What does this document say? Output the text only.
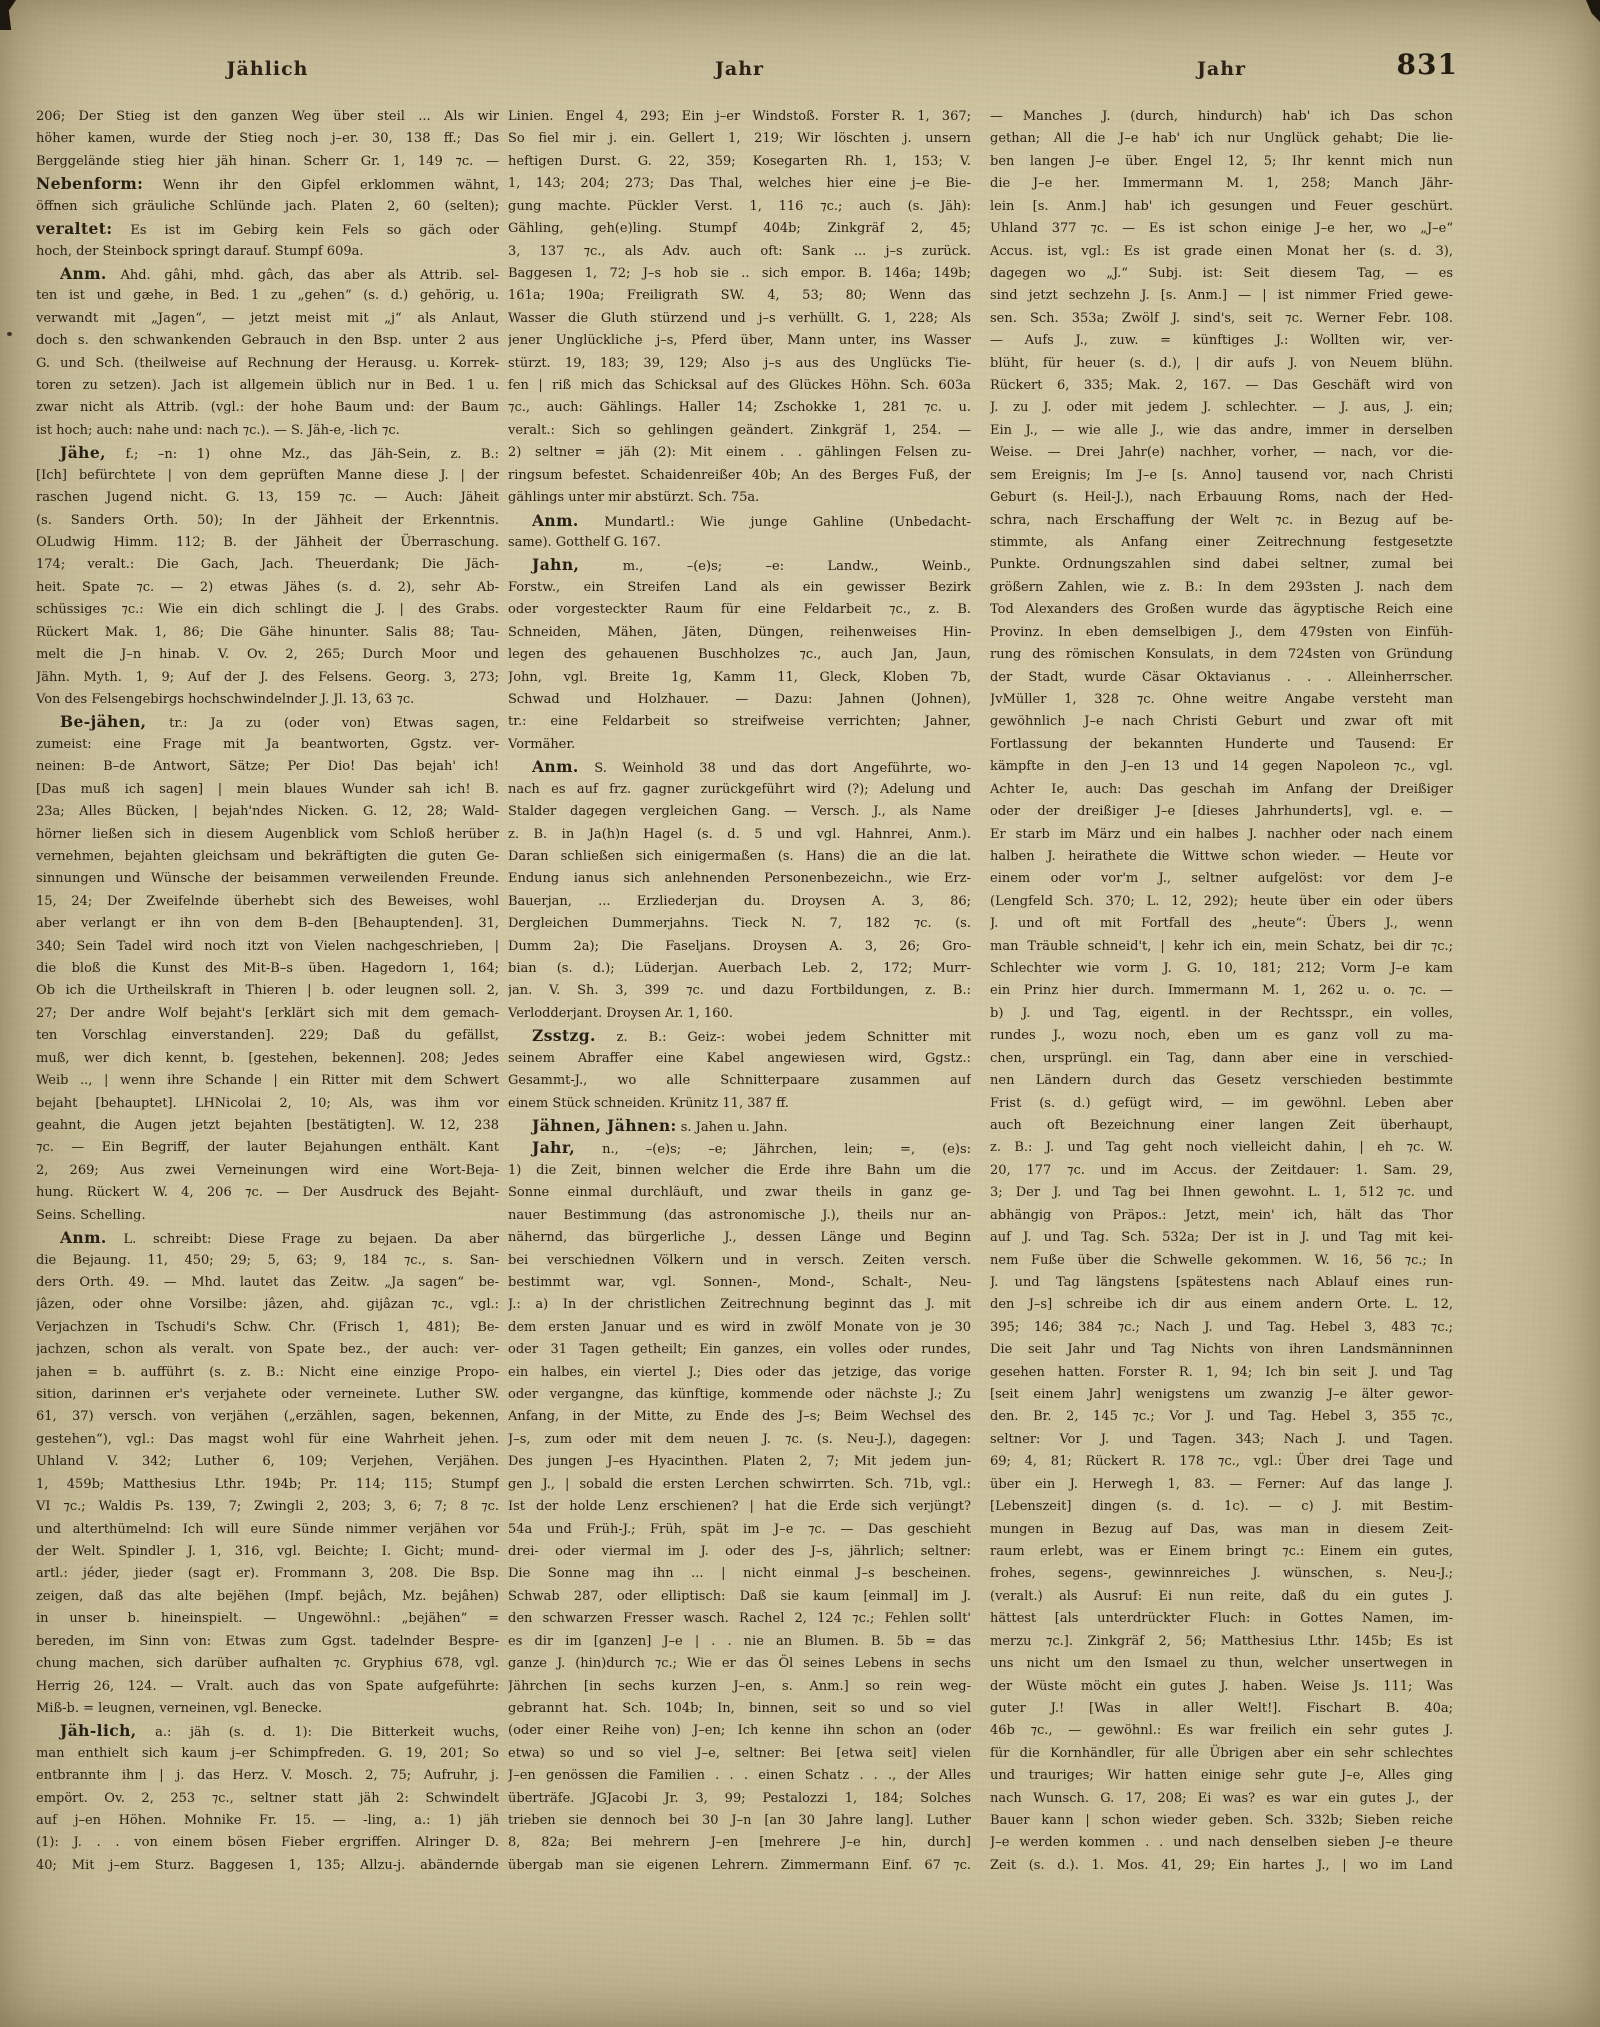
Jählich	Jahr	Jahr	831
206; Der Stieg ist den ganzen Weg über steil ... Als wir
höher kamen, wurde der Stieg noch j–er. 30, 138 ff.; Das
Berggelände stieg hier jäh hinan. Scherr Gr. 1, 149 ⁊c. —
Nebenform: Wenn ihr den Gipfel erklommen wähnt,
öffnen sich gräuliche Schlünde jach. Platen 2, 60 (selten);
veraltet: Es ist im Gebirg kein Fels so gäch oder
hoch, der Steinbock springt darauf. Stumpf 609a.
Anm. Ahd. gâhi, mhd. gâch, das aber als Attrib. sel-
ten ist und gæhe, in Bed. 1 zu „gehen“ (s. d.) gehörig, u.
verwandt mit „Jagen“, — jetzt meist mit „j“ als Anlaut,
doch s. den schwankenden Gebrauch in den Bsp. unter 2 aus
G. und Sch. (theilweise auf Rechnung der Herausg. u. Korrek-
toren zu setzen). Jach ist allgemein üblich nur in Bed. 1 u.
zwar nicht als Attrib. (vgl.: der hohe Baum und: der Baum
ist hoch; auch: nahe und: nach ⁊c.). — S. Jäh-e, -lich ⁊c.
Jähe, f.; –n: 1) ohne Mz., das Jäh-Sein, z. B.:
[Ich] befürchtete | von dem geprüften Manne diese J. | der
raschen Jugend nicht. G. 13, 159 ⁊c. — Auch: Jäheit
(s. Sanders Orth. 50); In der Jähheit der Erkenntnis.
OLudwig Himm. 112; B. der Jähheit der Überraschung.
174; veralt.: Die Gach, Jach. Theuerdank; Die Jäch-
heit. Spate ⁊c. — 2) etwas Jähes (s. d. 2), sehr Ab-
schüssiges ⁊c.: Wie ein dich schlingt die J. | des Grabs.
Rückert Mak. 1, 86; Die Gähe hinunter. Salis 88; Tau-
melt die J–n hinab. V. Ov. 2, 265; Durch Moor und
Jähn. Myth. 1, 9; Auf der J. des Felsens. Georg. 3, 273;
Von des Felsengebirgs hochschwindelnder J. Jl. 13, 63 ⁊c.
Be-jähen, tr.: Ja zu (oder von) Etwas sagen,
zumeist: eine Frage mit Ja beantworten, Ggstz. ver-
neinen: B–de Antwort, Sätze; Per Dio! Das bejah' ich!
[Das muß ich sagen] | mein blaues Wunder sah ich! B.
23a; Alles Bücken, | bejah'ndes Nicken. G. 12, 28; Wald-
hörner ließen sich in diesem Augenblick vom Schloß herüber
vernehmen, bejahten gleichsam und bekräftigten die guten Ge-
sinnungen und Wünsche der beisammen verweilenden Freunde.
15, 24; Der Zweifelnde überhebt sich des Beweises, wohl
aber verlangt er ihn von dem B–den [Behauptenden]. 31,
340; Sein Tadel wird noch itzt von Vielen nachgeschrieben, |
die bloß die Kunst des Mit-B–s üben. Hagedorn 1, 164;
Ob ich die Urtheilskraft in Thieren | b. oder leugnen soll. 2,
27; Der andre Wolf bejaht's [erklärt sich mit dem gemach-
ten Vorschlag einverstanden]. 229; Daß du gefällst,
muß, wer dich kennt, b. [gestehen, bekennen]. 208; Jedes
Weib .., | wenn ihre Schande | ein Ritter mit dem Schwert
bejaht [behauptet]. LHNicolai 2, 10; Als, was ihm vor
geahnt, die Augen jetzt bejahten [bestätigten]. W. 12, 238
⁊c. — Ein Begriff, der lauter Bejahungen enthält. Kant
2, 269; Aus zwei Verneinungen wird eine Wort-Beja-
hung. Rückert W. 4, 206 ⁊c. — Der Ausdruck des Bejaht-
Seins. Schelling.
Anm. L. schreibt: Diese Frage zu bejaen. Da aber
die Bejaung. 11, 450; 29; 5, 63; 9, 184 ⁊c., s. San-
ders Orth. 49. — Mhd. lautet das Zeitw. „Ja sagen“ be-
jâzen, oder ohne Vorsilbe: jâzen, ahd. gijâzan ⁊c., vgl.:
Verjachzen in Tschudi's Schw. Chr. (Frisch 1, 481); Be-
jachzen, schon als veralt. von Spate bez., der auch: ver-
jahen = b. aufführt (s. z. B.: Nicht eine einzige Propo-
sition, darinnen er's verjahete oder verneinete. Luther SW.
61, 37) versch. von verjähen („erzählen, sagen, bekennen,
gestehen“), vgl.: Das magst wohl für eine Wahrheit jehen.
Uhland V. 342; Luther 6, 109; Verjehen, Verjähen.
1, 459b; Matthesius Lthr. 194b; Pr. 114; 115; Stumpf
VI ⁊c.; Waldis Ps. 139, 7; Zwingli 2, 203; 3, 6; 7; 8 ⁊c.
und alterthümelnd: Ich will eure Sünde nimmer verjähen vor
der Welt. Spindler J. 1, 316, vgl. Beichte; I. Gicht; mund-
artl.: jéder, jieder (sagt er). Frommann 3, 208. Die Bsp.
zeigen, daß das alte bejëhen (Impf. bejâch, Mz. bejâhen)
in unser b. hineinspielt. — Ungewöhnl.: „bejähen“ =
bereden, im Sinn von: Etwas zum Ggst. tadelnder Bespre-
chung machen, sich darüber aufhalten ⁊c. Gryphius 678, vgl.
Herrig 26, 124. — Vralt. auch das von Spate aufgeführte:
Miß-b. = leugnen, verneinen, vgl. Benecke.
Jäh-lich, a.: jäh (s. d. 1): Die Bitterkeit wuchs,
man enthielt sich kaum j–er Schimpfreden. G. 19, 201; So
entbrannte ihm | j. das Herz. V. Mosch. 2, 75; Aufruhr, j.
empört. Ov. 2, 253 ⁊c., seltner statt jäh 2: Schwindelt
auf j–en Höhen. Mohnike Fr. 15. — -ling, a.: 1) jäh
(1): J. . . von einem bösen Fieber ergriffen. Alringer D.
40; Mit j–em Sturz. Baggesen 1, 135; Allzu-j. abändernde
Linien. Engel 4, 293; Ein j–er Windstoß. Forster R. 1, 367;
So fiel mir j. ein. Gellert 1, 219; Wir löschten j. unsern
heftigen Durst. G. 22, 359; Kosegarten Rh. 1, 153; V.
1, 143; 204; 273; Das Thal, welches hier eine j–e Bie-
gung machte. Pückler Verst. 1, 116 ⁊c.; auch (s. Jäh):
Gähling, geh(e)ling. Stumpf 404b; Zinkgräf 2, 45;
3, 137 ⁊c., als Adv. auch oft: Sank ... j–s zurück.
Baggesen 1, 72; J–s hob sie .. sich empor. B. 146a; 149b;
161a; 190a; Freiligrath SW. 4, 53; 80; Wenn das
Wasser die Gluth stürzend und j–s verhüllt. G. 1, 228; Als
jener Unglückliche j–s, Pferd über, Mann unter, ins Wasser
stürzt. 19, 183; 39, 129; Also j–s aus des Unglücks Tie-
fen | riß mich das Schicksal auf des Glückes Höhn. Sch. 603a
⁊c., auch: Gählings. Haller 14; Zschokke 1, 281 ⁊c. u.
veralt.: Sich so gehlingen geändert. Zinkgräf 1, 254. —
2) seltner = jäh (2): Mit einem . . gählingen Felsen zu-
ringsum befestet. Schaidenreißer 40b; An des Berges Fuß, der
gählings unter mir abstürzt. Sch. 75a.
Anm. Mundartl.: Wie junge Gahline (Unbedacht-
same). Gotthelf G. 167.
Jahn, m., –(e)s; –e: Landw., Weinb.,
Forstw., ein Streifen Land als ein gewisser Bezirk
oder vorgesteckter Raum für eine Feldarbeit ⁊c., z. B.
Schneiden, Mähen, Jäten, Düngen, reihenweises Hin-
legen des gehauenen Buschholzes ⁊c., auch Jan, Jaun,
John, vgl. Breite 1g, Kamm 11, Gleck, Kloben 7b,
Schwad und Holzhauer. — Dazu: Jahnen (Johnen),
tr.: eine Feldarbeit so streifweise verrichten; Jahner,
Vormäher.
Anm. S. Weinhold 38 und das dort Angeführte, wo-
nach es auf frz. gagner zurückgeführt wird (?); Adelung und
Stalder dagegen vergleichen Gang. — Versch. J., als Name
z. B. in Ja(h)n Hagel (s. d. 5 und vgl. Hahnrei, Anm.).
Daran schließen sich einigermaßen (s. Hans) die an die lat.
Endung ianus sich anlehnenden Personenbezeichn., wie Erz-
Bauerjan, ... Erzliederjan du. Droysen A. 3, 86;
Dergleichen Dummerjahns. Tieck N. 7, 182 ⁊c. (s.
Dumm 2a); Die Faseljans. Droysen A. 3, 26; Gro-
bian (s. d.); Lüderjan. Auerbach Leb. 2, 172; Murr-
jan. V. Sh. 3, 399 ⁊c. und dazu Fortbildungen, z. B.:
Verlodderjant. Droysen Ar. 1, 160.
Zsstzg. z. B.: Geiz-: wobei jedem Schnitter mit
seinem Abraffer eine Kabel angewiesen wird, Ggstz.:
Gesammt-J., wo alle Schnitterpaare zusammen auf
einem Stück schneiden. Krünitz 11, 387 ff.
Jähnen, Jähnen: s. Jahen u. Jahn.
Jahr, n., –(e)s; –e; Jährchen, lein; =, (e)s:
1) die Zeit, binnen welcher die Erde ihre Bahn um die
Sonne einmal durchläuft, und zwar theils in ganz ge-
nauer Bestimmung (das astronomische J.), theils nur an-
nähernd, das bürgerliche J., dessen Länge und Beginn
bei verschiednen Völkern und in versch. Zeiten versch.
bestimmt war, vgl. Sonnen-, Mond-, Schalt-, Neu-
J.: a) In der christlichen Zeitrechnung beginnt das J. mit
dem ersten Januar und es wird in zwölf Monate von je 30
oder 31 Tagen getheilt; Ein ganzes, ein volles oder rundes,
ein halbes, ein viertel J.; Dies oder das jetzige, das vorige
oder vergangne, das künftige, kommende oder nächste J.; Zu
Anfang, in der Mitte, zu Ende des J–s; Beim Wechsel des
J–s, zum oder mit dem neuen J. ⁊c. (s. Neu-J.), dagegen:
Des jungen J–es Hyacinthen. Platen 2, 7; Mit jedem jun-
gen J., | sobald die ersten Lerchen schwirrten. Sch. 71b, vgl.:
Ist der holde Lenz erschienen? | hat die Erde sich verjüngt?
54a und Früh-J.; Früh, spät im J–e ⁊c. — Das geschieht
drei- oder viermal im J. oder des J–s, jährlich; seltner:
Die Sonne mag ihn ... | nicht einmal J–s bescheinen.
Schwab 287, oder elliptisch: Daß sie kaum [einmal] im J.
den schwarzen Fresser wasch. Rachel 2, 124 ⁊c.; Fehlen sollt'
es dir im [ganzen] J–e | . . nie an Blumen. B. 5b = das
ganze J. (hin)durch ⁊c.; Wie er das Öl seines Lebens in sechs
Jährchen [in sechs kurzen J–en, s. Anm.] so rein weg-
gebrannt hat. Sch. 104b; In, binnen, seit so und so viel
(oder einer Reihe von) J–en; Ich kenne ihn schon an (oder
etwa) so und so viel J–e, seltner: Bei [etwa seit] vielen
J–en genössen die Familien . . . einen Schatz . . ., der Alles
überträfe. JGJacobi Jr. 3, 99; Pestalozzi 1, 184; Solches
trieben sie dennoch bei 30 J–n [an 30 Jahre lang]. Luther
8, 82a; Bei mehrern J–en [mehrere J–e hin, durch]
übergab man sie eigenen Lehrern. Zimmermann Einf. 67 ⁊c.
— Manches J. (durch, hindurch) hab' ich Das schon
gethan; All die J–e hab' ich nur Unglück gehabt; Die lie-
ben langen J–e über. Engel 12, 5; Ihr kennt mich nun
die J–e her. Immermann M. 1, 258; Manch Jähr-
lein [s. Anm.] hab' ich gesungen und Feuer geschürt.
Uhland 377 ⁊c. — Es ist schon einige J–e her, wo „J–e“
Accus. ist, vgl.: Es ist grade einen Monat her (s. d. 3),
dagegen wo „J.“ Subj. ist: Seit diesem Tag, — es
sind jetzt sechzehn J. [s. Anm.] — | ist nimmer Fried gewe-
sen. Sch. 353a; Zwölf J. sind's, seit ⁊c. Werner Febr. 108.
— Aufs J., zuw. = künftiges J.: Wollten wir, ver-
blüht, für heuer (s. d.), | dir aufs J. von Neuem blühn.
Rückert 6, 335; Mak. 2, 167. — Das Geschäft wird von
J. zu J. oder mit jedem J. schlechter. — J. aus, J. ein;
Ein J., — wie alle J., wie das andre, immer in derselben
Weise. — Drei Jahr(e) nachher, vorher, — nach, vor die-
sem Ereignis; Im J–e [s. Anno] tausend vor, nach Christi
Geburt (s. Heil-J.), nach Erbauung Roms, nach der Hed-
schra, nach Erschaffung der Welt ⁊c. in Bezug auf be-
stimmte, als Anfang einer Zeitrechnung festgesetzte
Punkte. Ordnungszahlen sind dabei seltner, zumal bei
größern Zahlen, wie z. B.: In dem 293sten J. nach dem
Tod Alexanders des Großen wurde das ägyptische Reich eine
Provinz. In eben demselbigen J., dem 479sten von Einfüh-
rung des römischen Konsulats, in dem 724sten von Gründung
der Stadt, wurde Cäsar Oktavianus . . . Alleinherrscher.
JvMüller 1, 328 ⁊c. Ohne weitre Angabe versteht man
gewöhnlich J–e nach Christi Geburt und zwar oft mit
Fortlassung der bekannten Hunderte und Tausend: Er
kämpfte in den J–en 13 und 14 gegen Napoleon ⁊c., vgl.
Achter Ie, auch: Das geschah im Anfang der Dreißiger
oder der dreißiger J–e [dieses Jahrhunderts], vgl. e. —
Er starb im März und ein halbes J. nachher oder nach einem
halben J. heirathete die Wittwe schon wieder. — Heute vor
einem oder vor'm J., seltner aufgelöst: vor dem J–e
(Lengfeld Sch. 370; L. 12, 292); heute über ein oder übers
J. und oft mit Fortfall des „heute“: Übers J., wenn
man Träuble schneid't, | kehr ich ein, mein Schatz, bei dir ⁊c.;
Schlechter wie vorm J. G. 10, 181; 212; Vorm J–e kam
ein Prinz hier durch. Immermann M. 1, 262 u. o. ⁊c. —
b) J. und Tag, eigentl. in der Rechtsspr., ein volles,
rundes J., wozu noch, eben um es ganz voll zu ma-
chen, ursprüngl. ein Tag, dann aber eine in verschied-
nen Ländern durch das Gesetz verschieden bestimmte
Frist (s. d.) gefügt wird, — im gewöhnl. Leben aber
auch oft Bezeichnung einer langen Zeit überhaupt,
z. B.: J. und Tag geht noch vielleicht dahin, | eh ⁊c. W.
20, 177 ⁊c. und im Accus. der Zeitdauer: 1. Sam. 29,
3; Der J. und Tag bei Ihnen gewohnt. L. 1, 512 ⁊c. und
abhängig von Präpos.: Jetzt, mein' ich, hält das Thor
auf J. und Tag. Sch. 532a; Der ist in J. und Tag mit kei-
nem Fuße über die Schwelle gekommen. W. 16, 56 ⁊c.; In
J. und Tag längstens [spätestens nach Ablauf eines run-
den J–s] schreibe ich dir aus einem andern Orte. L. 12,
395; 146; 384 ⁊c.; Nach J. und Tag. Hebel 3, 483 ⁊c.;
Die seit Jahr und Tag Nichts von ihren Landsmänninnen
gesehen hatten. Forster R. 1, 94; Ich bin seit J. und Tag
[seit einem Jahr] wenigstens um zwanzig J–e älter gewor-
den. Br. 2, 145 ⁊c.; Vor J. und Tag. Hebel 3, 355 ⁊c.,
seltner: Vor J. und Tagen. 343; Nach J. und Tagen.
69; 4, 81; Rückert R. 178 ⁊c., vgl.: Über drei Tage und
über ein J. Herwegh 1, 83. — Ferner: Auf das lange J.
[Lebenszeit] dingen (s. d. 1c). — c) J. mit Bestim-
mungen in Bezug auf Das, was man in diesem Zeit-
raum erlebt, was er Einem bringt ⁊c.: Einem ein gutes,
frohes, segens-, gewinnreiches J. wünschen, s. Neu-J.;
(veralt.) als Ausruf: Ei nun reite, daß du ein gutes J.
hättest [als unterdrückter Fluch: in Gottes Namen, im-
merzu ⁊c.]. Zinkgräf 2, 56; Matthesius Lthr. 145b; Es ist
uns nicht um den Ismael zu thun, welcher unsertwegen in
der Wüste möcht ein gutes J. haben. Weise Js. 111; Was
guter J.! [Was in aller Welt!]. Fischart B. 40a;
46b ⁊c., — gewöhnl.: Es war freilich ein sehr gutes J.
für die Kornhändler, für alle Übrigen aber ein sehr schlechtes
und trauriges; Wir hatten einige sehr gute J–e, Alles ging
nach Wunsch. G. 17, 208; Ei was? es war ein gutes J., der
Bauer kann | schon wieder geben. Sch. 332b; Sieben reiche
J–e werden kommen . . und nach denselben sieben J–e theure
Zeit (s. d.). 1. Mos. 41, 29; Ein hartes J., | wo im Land
